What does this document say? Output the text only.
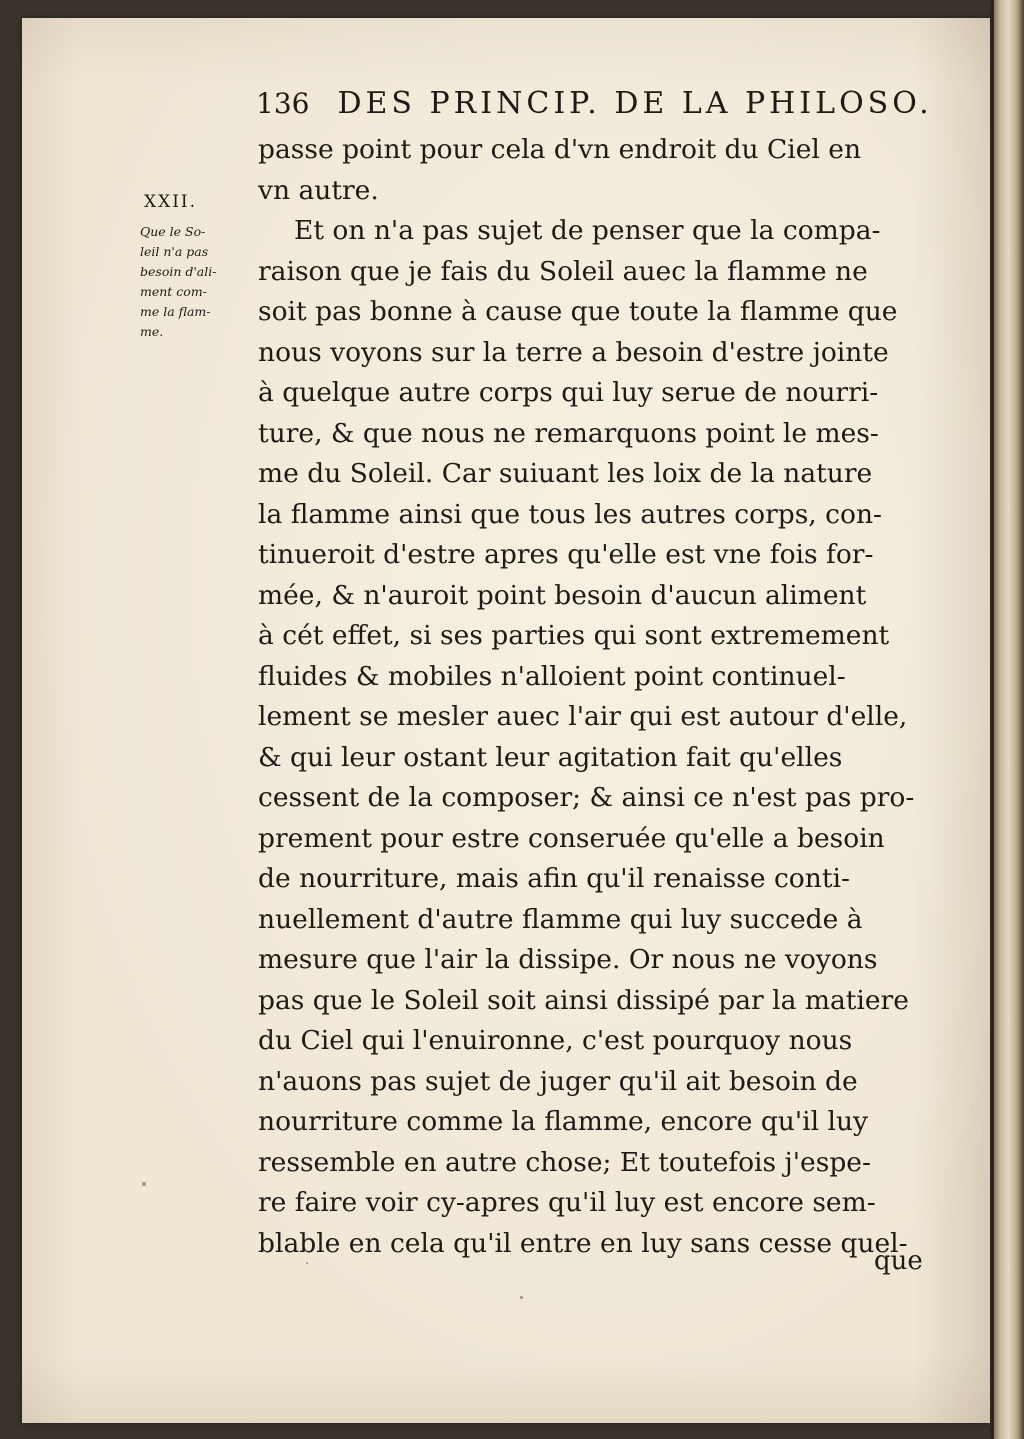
136 DES PRINCIP. DE LA PHILOSO.
XXII.
Que le So-
leil n'a pas
besoin d'ali-
ment com-
me la flam-
me.
passe point pour cela d'vn endroit du Ciel en
vn autre.
Et on n'a pas sujet de penser que la compa-
raison que je fais du Soleil auec la flamme ne
soit pas bonne à cause que toute la flamme que
nous voyons sur la terre a besoin d'estre jointe
à quelque autre corps qui luy serue de nourri-
ture, & que nous ne remarquons point le mes-
me du Soleil. Car suiuant les loix de la nature
la flamme ainsi que tous les autres corps, con-
tinueroit d'estre apres qu'elle est vne fois for-
mée, & n'auroit point besoin d'aucun aliment
à cét effet, si ses parties qui sont extremement
fluides & mobiles n'alloient point continuel-
lement se mesler auec l'air qui est autour d'elle,
& qui leur ostant leur agitation fait qu'elles
cessent de la composer; & ainsi ce n'est pas pro-
prement pour estre conseruée qu'elle a besoin
de nourriture, mais afin qu'il renaisse conti-
nuellement d'autre flamme qui luy succede à
mesure que l'air la dissipe. Or nous ne voyons
pas que le Soleil soit ainsi dissipé par la matiere
du Ciel qui l'enuironne, c'est pourquoy nous
n'auons pas sujet de juger qu'il ait besoin de
nourriture comme la flamme, encore qu'il luy
ressemble en autre chose; Et toutefois j'espe-
re faire voir cy-apres qu'il luy est encore sem-
blable en cela qu'il entre en luy sans cesse quel-
que
